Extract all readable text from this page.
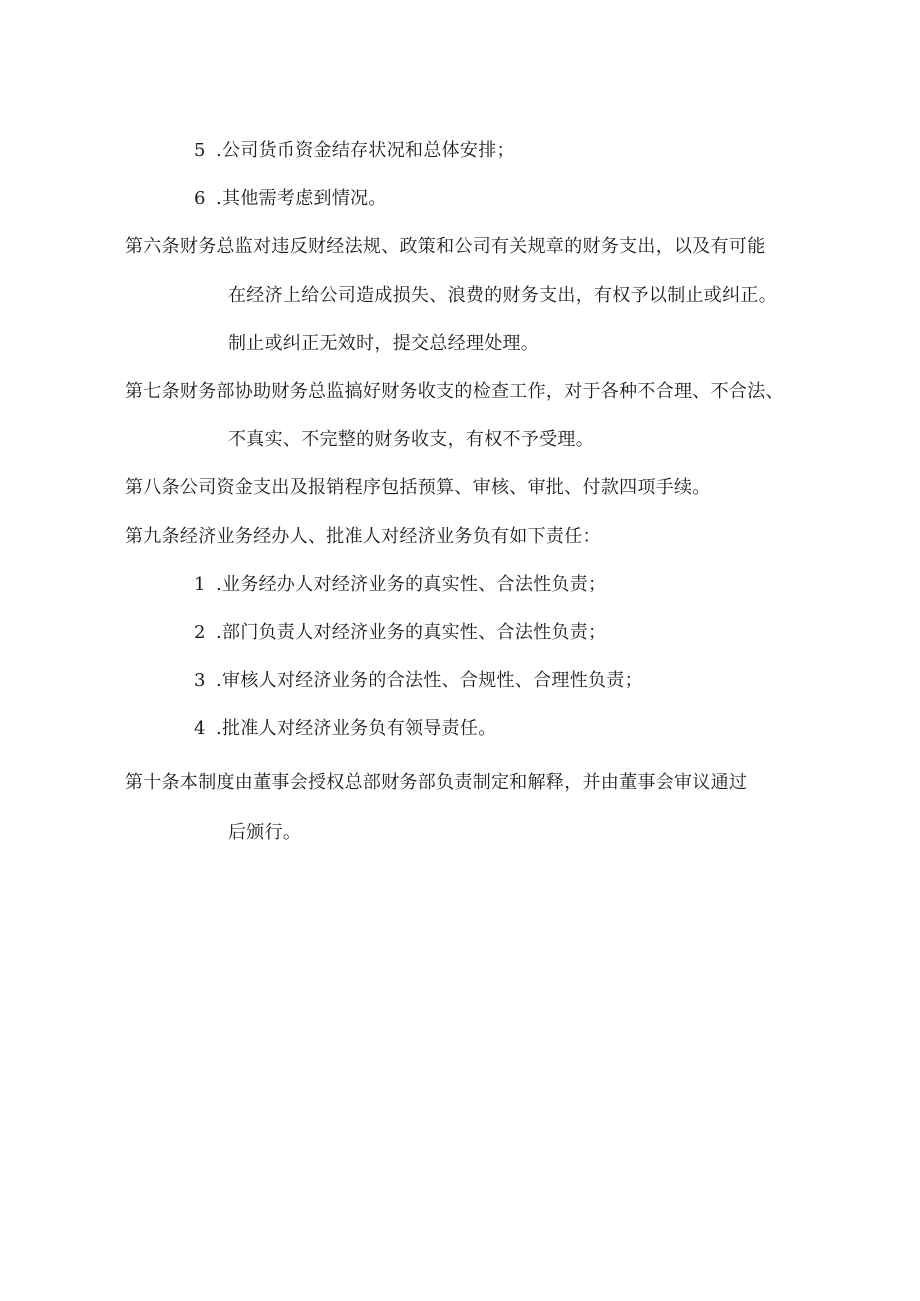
5 .公司货币资金结存状况和总体安排；
6 .其他需考虑到情况。
第六条财务总监对违反财经法规、政策和公司有关规章的财务支出，以及有可能
在经济上给公司造成损失、浪费的财务支出，有权予以制止或纠正。
制止或纠正无效时，提交总经理处理。
第七条财务部协助财务总监搞好财务收支的检查工作，对于各种不合理、不合法、
不真实、不完整的财务收支，有权不予受理。
第八条公司资金支出及报销程序包括预算、审核、审批、付款四项手续。
第九条经济业务经办人、批准人对经济业务负有如下责任：
1 .业务经办人对经济业务的真实性、合法性负责；
2 .部门负责人对经济业务的真实性、合法性负责；
3 .审核人对经济业务的合法性、合规性、合理性负责；
4 .批准人对经济业务负有领导责任。
第十条本制度由董事会授权总部财务部负责制定和解释，并由董事会审议通过
后颁行。
